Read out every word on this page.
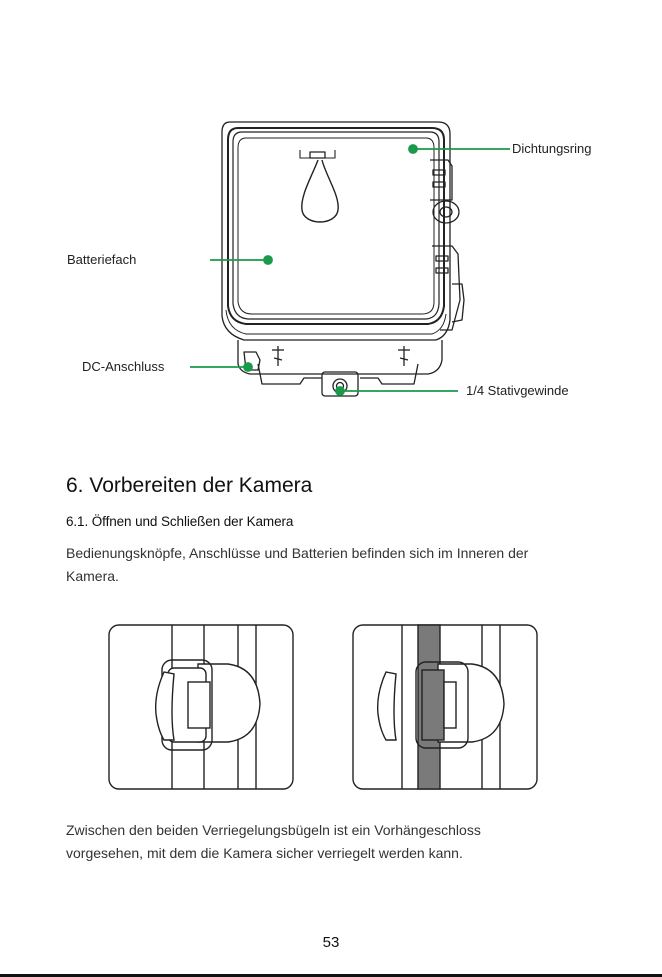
Dichtungsring
Batteriefach
DC-Anschluss
1/4 Stativgewinde
6. Vorbereiten der Kamera
6.1. Öffnen und Schließen der Kamera

Bedienungsknöpfe, Anschlüsse und Batterien befinden sich im Inneren der

Kamera.

Zwischen den beiden Verriegelungsbügeln ist ein Vorhängeschloss

vorgesehen, mit dem die Kamera sicher verriegelt werden kann.

53
